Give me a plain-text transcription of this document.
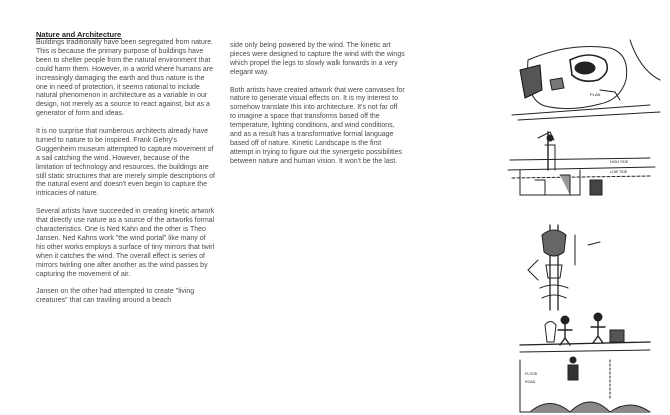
Nature and Architecture

Buildings traditionally have been segregated from nature. This is because the primary purpose of buildings have been to shelter people from the natural environment that could harm them. However, in a world where humans are increasingly damaging the earth and thus nature is the one in need of protection, it seems rational to include natural phenomenon in architecture as a variable in our design, not merely as a source to react against, but as a generator of form and ideas.

It is no surprise that numberous architects already have turned to nature to be inspired. Frank Gehry's Guggenheim museum attempted to capture movement of a sail catching the wind. However, because of the limitation of technology and resources, the buildings are still static structures that are merely simple descriptions of the natural event and doesn't even begin to capture the intricacies of nature.

Several artists have succeeded in creating kinetic artwork that directly use nature as a source of the artworks formal characteristics. One is Ned Kahn and the other is Theo Jansen. Ned Kahns work "the wind portal" like many of his other works employs a surface of tiny mirrors that twirl when it catches the wind. The overall effect is series of mirrors twirling one after another as the wind passes by capturing the movement of air.

Jansen on the other had attempted to create "living creatures" that can traviling around a beach

side only being powered by the wind. The kinetic art pieces were designed to capture the wind with the wings which propel the legs to slowly walk forwards in a very elegant way.

Both artists have created artwork that were canvases for nature to generate visual effects on. It is my interest to somehow translate this into architecture. It's not far off to imagine a space that transforms based off the temperature, lighting conditions, and wind conditions, and as a result has a transformative formal language based off of nature. Kinetic Landscape is the first attempt in trying to figure out the synergetic possibilities between nature and human vision. It won't be the last.

PLAN
HIGH TIDE
LOW TIDE
FLOOD
ROAD
